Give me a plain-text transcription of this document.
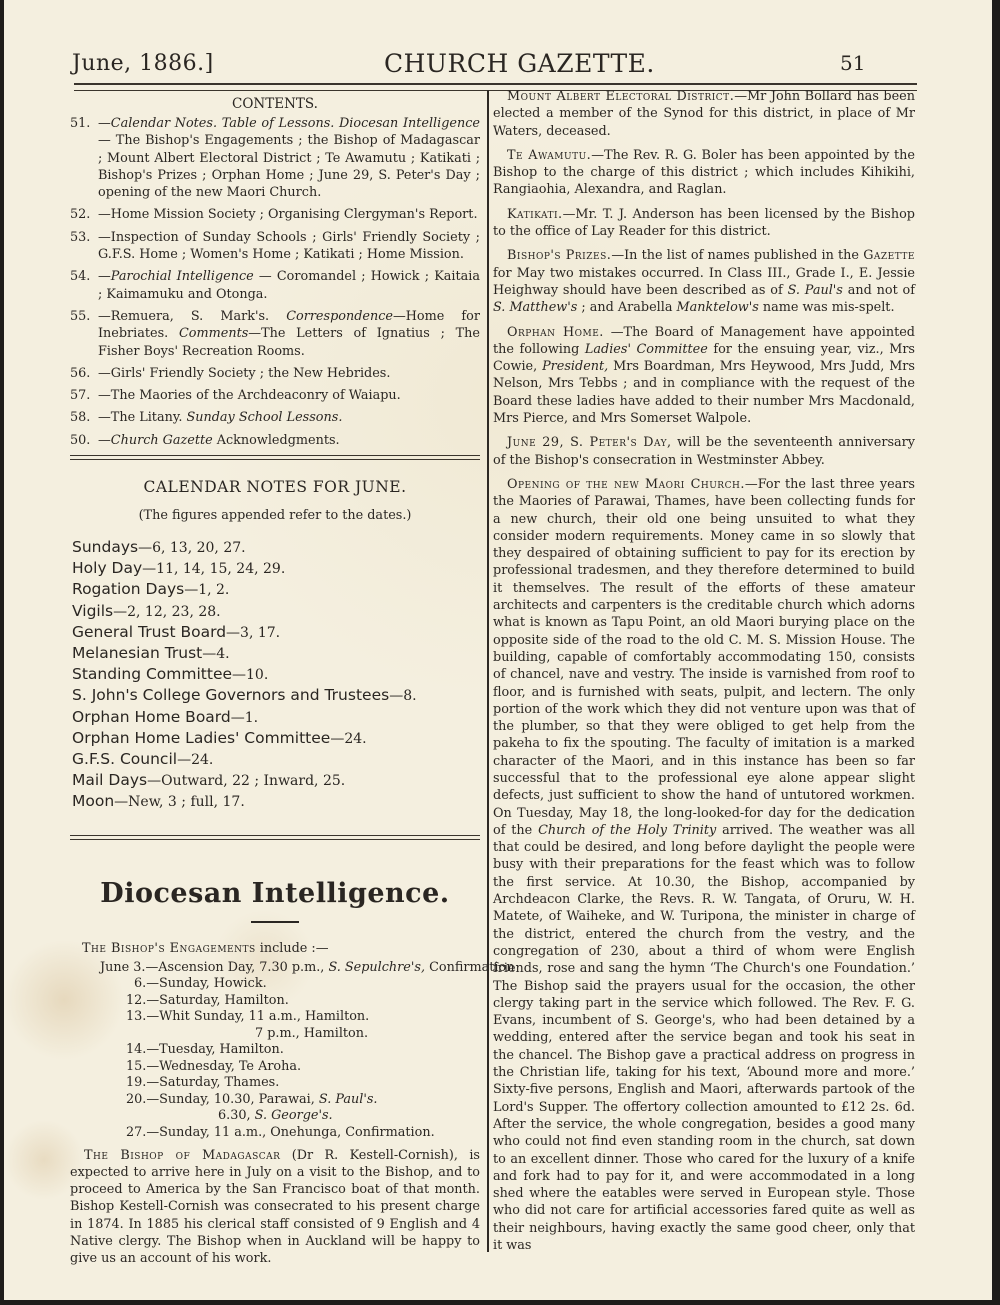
June, 1886.]	CHURCH GAZETTE.	51
CONTENTS.
51. —Calendar Notes. Table of Lessons. Diocesan Intelligence— The Bishop's Engagements ; the Bishop of Madagascar ; Mount Albert Electoral District ; Te Awamutu ; Katikati ; Bishop's Prizes ; Orphan Home ; June 29, S. Peter's Day ; opening of the new Maori Church.
52. —Home Mission Society ; Organising Clergyman's Report.
53. —Inspection of Sunday Schools ; Girls' Friendly Society ; G.F.S. Home ; Women's Home ; Katikati ; Home Mission.
54. —Parochial Intelligence — Coromandel ; Howick ; Kaitaia ; Kaimamuku and Otonga.
55. —Remuera, S. Mark's. Correspondence—Home for Inebriates. Comments—The Letters of Ignatius ; The Fisher Boys' Recreation Rooms.
56. —Girls' Friendly Society ; the New Hebrides.
57. —The Maories of the Archdeaconry of Waiapu.
58. —The Litany. Sunday School Lessons.
50. —Church Gazette Acknowledgments.
CALENDAR NOTES FOR JUNE.
(The figures appended refer to the dates.)
Sundays—6, 13, 20, 27.
Holy Day—11, 14, 15, 24, 29.
Rogation Days—1, 2.
Vigils—2, 12, 23, 28.
General Trust Board—3, 17.
Melanesian Trust—4.
Standing Committee—10.
S. John's College Governors and Trustees—8.
Orphan Home Board—1.
Orphan Home Ladies' Committee—24.
G.F.S. Council—24.
Mail Days—Outward, 22 ; Inward, 25.
Moon—New, 3 ; full, 17.
Diocesan Intelligence.
The Bishop's Engagements include :—
June 3.—Ascension Day, 7.30 p.m., S. Sepulchre's, Confirmation
6.—Sunday, Howick.
12.—Saturday, Hamilton.
13.—Whit Sunday, 11 a.m., Hamilton.
7 p.m., Hamilton.
14.—Tuesday, Hamilton.
15.—Wednesday, Te Aroha.
19.—Saturday, Thames.
20.—Sunday, 10.30, Parawai, S. Paul's.
6.30, S. George's.
27.—Sunday, 11 a.m., Onehunga, Confirmation.

The Bishop of Madagascar (Dr R. Kestell-Cornish), is expected to arrive here in July on a visit to the Bishop, and to proceed to America by the San Francisco boat of that month. Bishop Kestell-Cornish was consecrated to his present charge in 1874. In 1885 his clerical staff consisted of 9 English and 4 Native clergy. The Bishop when in Auckland will be happy to give us an account of his work.

Mount Albert Electoral District.—Mr John Bollard has been elected a member of the Synod for this district, in place of Mr Waters, deceased.

Te Awamutu.—The Rev. R. G. Boler has been appointed by the Bishop to the charge of this district ; which includes Kihikihi, Rangiaohia, Alexandra, and Raglan.

Katikati.—Mr. T. J. Anderson has been licensed by the Bishop to the office of Lay Reader for this district.

Bishop's Prizes.—In the list of names published in the Gazette for May two mistakes occurred. In Class III., Grade I., E. Jessie Heighway should have been described as of S. Paul's and not of S. Matthew's ; and Arabella Manktelow's name was mis-spelt.

Orphan Home. —The Board of Management have appointed the following Ladies' Committee for the ensuing year, viz., Mrs Cowie, President, Mrs Boardman, Mrs Heywood, Mrs Judd, Mrs Nelson, Mrs Tebbs ; and in compliance with the request of the Board these ladies have added to their number Mrs Macdonald, Mrs Pierce, and Mrs Somerset Walpole.

June 29, S. Peter's Day, will be the seventeenth anniversary of the Bishop's consecration in Westminster Abbey.

Opening of the new Maori Church.—For the last three years the Maories of Parawai, Thames, have been collecting funds for a new church, their old one being unsuited to what they consider modern requirements. Money came in so slowly that they despaired of obtaining sufficient to pay for its erection by professional tradesmen, and they therefore determined to build it themselves. The result of the efforts of these amateur architects and carpenters is the creditable church which adorns what is known as Tapu Point, an old Maori burying place on the opposite side of the road to the old C. M. S. Mission House. The building, capable of comfortably accommodating 150, consists of chancel, nave and vestry. The inside is varnished from roof to floor, and is furnished with seats, pulpit, and lectern. The only portion of the work which they did not venture upon was that of the plumber, so that they were obliged to get help from the pakeha to fix the spouting. The faculty of imitation is a marked character of the Maori, and in this instance has been so far successful that to the professional eye alone appear slight defects, just sufficient to show the hand of untutored workmen. On Tuesday, May 18, the long-looked-for day for the dedication of the Church of the Holy Trinity arrived. The weather was all that could be desired, and long before daylight the people were busy with their preparations for the feast which was to follow the first service. At 10.30, the Bishop, accompanied by Archdeacon Clarke, the Revs. R. W. Tangata, of Oruru, W. H. Matete, of Waiheke, and W. Turipona, the minister in charge of the district, entered the church from the vestry, and the congregation of 230, about a third of whom were English friends, rose and sang the hymn ‘The Church's one Foundation.’ The Bishop said the prayers usual for the occasion, the other clergy taking part in the service which followed. The Rev. F. G. Evans, incumbent of S. George's, who had been detained by a wedding, entered after the service began and took his seat in the chancel. The Bishop gave a practical address on progress in the Christian life, taking for his text, ‘Abound more and more.’ Sixty-five persons, English and Maori, afterwards partook of the Lord's Supper. The offertory collection amounted to £12 2s. 6d. After the service, the whole congregation, besides a good many who could not find even standing room in the church, sat down to an excellent dinner. Those who cared for the luxury of a knife and fork had to pay for it, and were accommodated in a long shed where the eatables were served in European style. Those who did not care for artificial accessories fared quite as well as their neighbours, having exactly the same good cheer, only that it was
